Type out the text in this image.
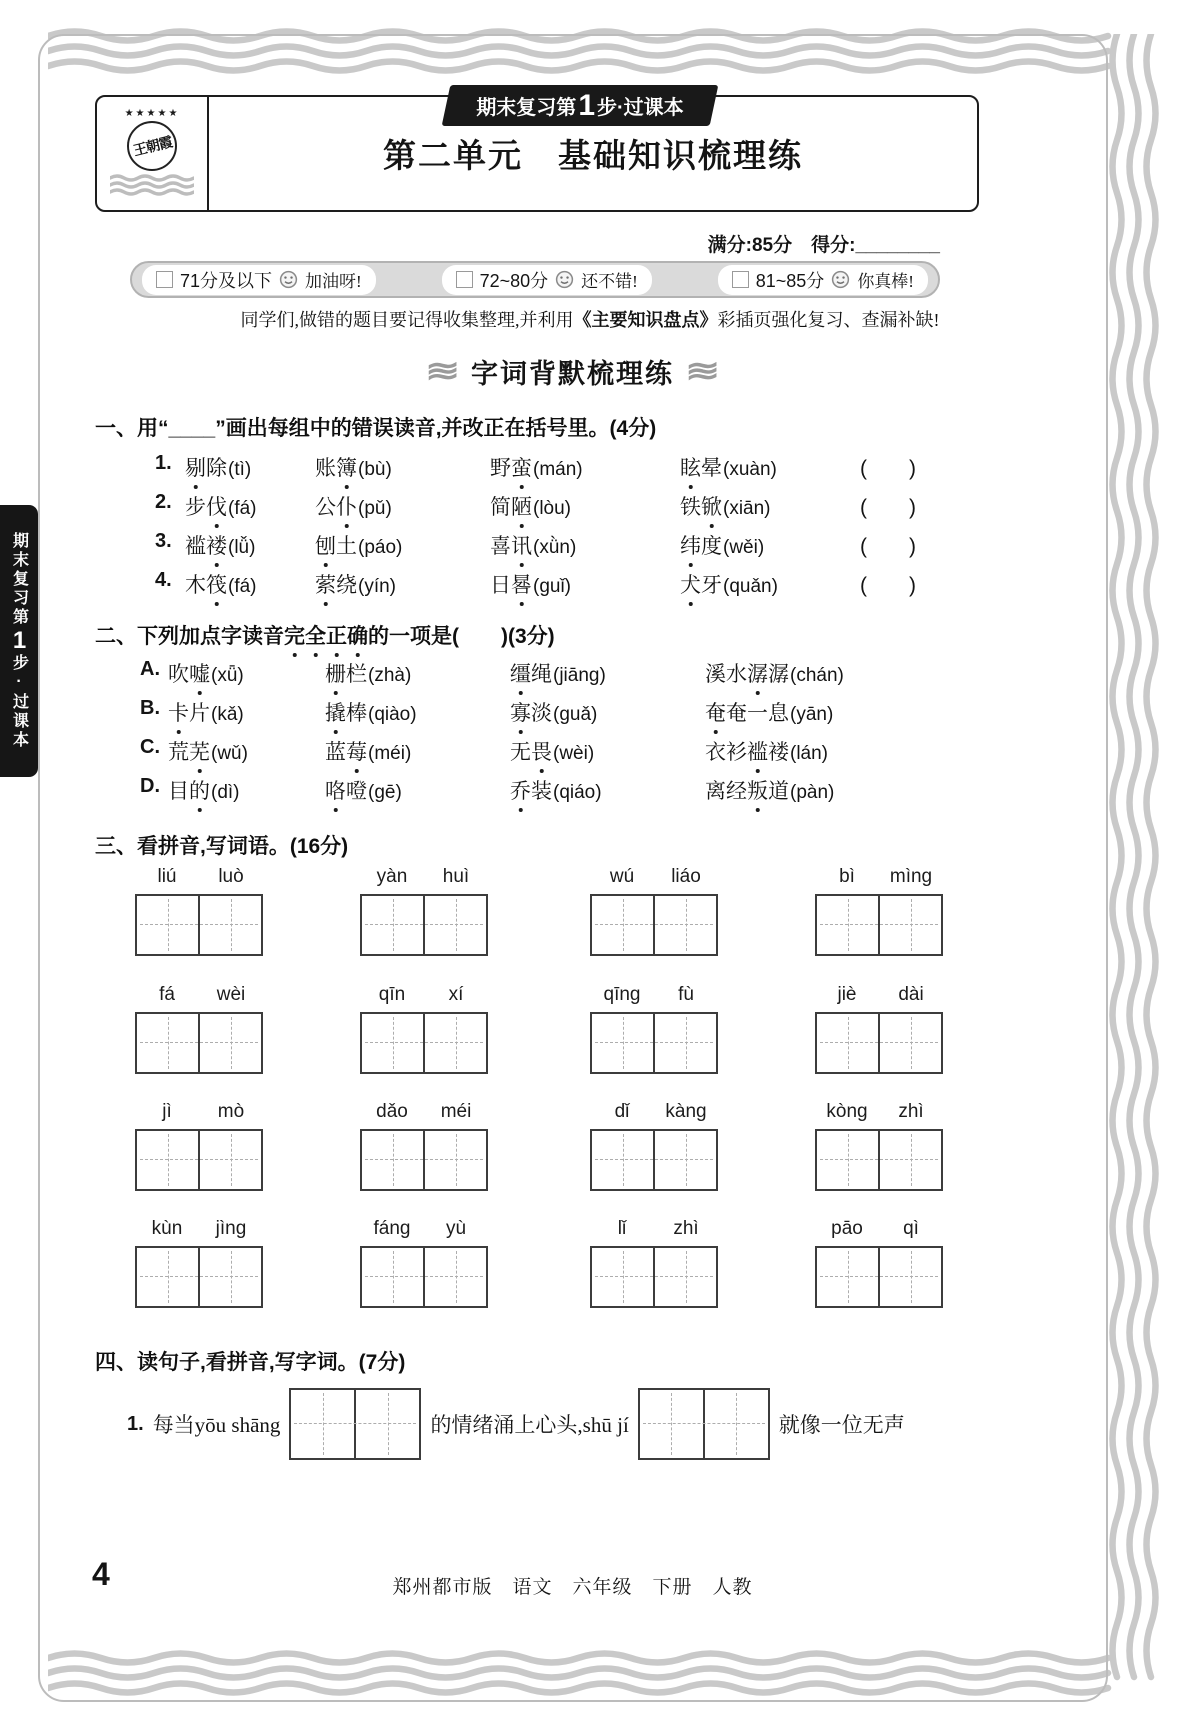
期末复习第
1
步·过课本
★★★★★
王朝霞	第二单元　基础知识梳理练
期末复习第 1 步·过课本
满分:85分　 得分:________
71分及以下 加油呀!	72~80分 还不错!	81~85分 你真棒!
同学们,做错的题目要记得收集整理,并利用《主要知识盘点》彩插页强化复习、查漏补缺!
≋ 字词背默梳理练 ≋
一、用“____”画出每组中的错误读音,并改正在括号里。(4分)
1. 剔除(tì)	账簿(bù)	野蛮(mán)	眩晕(xuàn)	(　　)
2. 步伐(fá)	公仆(pǔ)	简陋(lòu)	铁锨(xiān)	(　　)
3. 褴褛(lǚ)	刨土(páo)	喜讯(xǜn)	纬度(wěi)	(　　)
4. 木筏(fá)	萦绕(yín)	日晷(guǐ)	犬牙(quǎn)	(　　)
二、下列加点字读音完全正确的一项是(　　)(3分)
A. 吹嘘(xǖ)	栅栏(zhà)	缰绳(jiāng)	溪水潺潺(chán)
B. 卡片(kǎ)	撬棒(qiào)	寡淡(guǎ)	奄奄一息(yān)
C. 荒芜(wǔ)	蓝莓(méi)	无畏(wèi)	衣衫褴褛(lán)
D. 目的(dì)	咯噔(gē)	乔装(qiáo)	离经叛道(pàn)
三、看拼音,写词语。(16分)
liú	luò	yàn	huì	wú	liáo	bì	mìng
fá	wèi	qīn	xí	qīng	fù	jiè	dài
jì	mò	dǎo	méi	dǐ	kàng	kòng	zhì
kùn	jìng	fáng	yù	lǐ	zhì	pāo	qì
四、读句子,看拼音,写字词。(7分)
1. 每当yōu shāng	的情绪涌上心头,shū jí	就像一位无声
4	郑州都市版　语文　六年级　下册　人教
